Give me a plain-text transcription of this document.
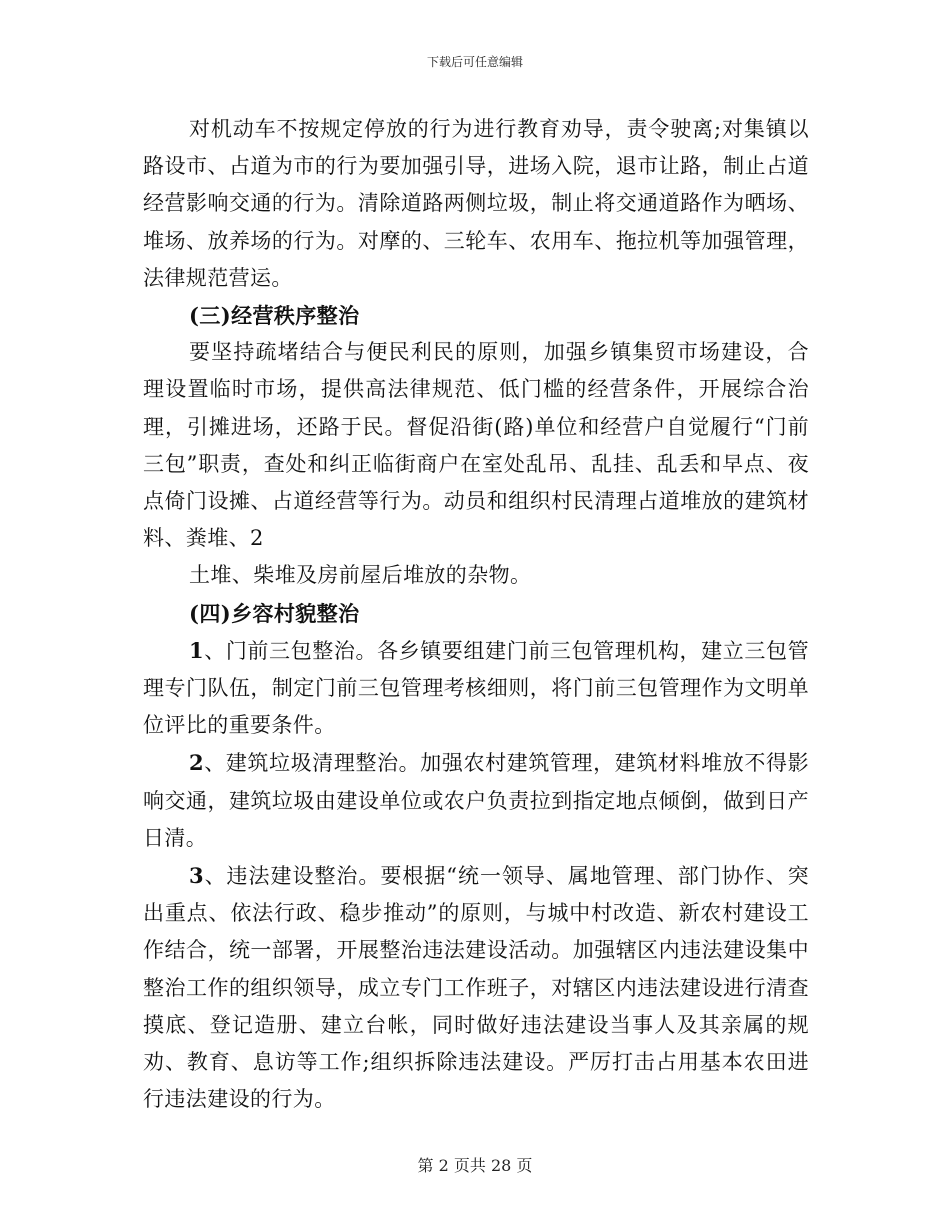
下载后可任意编辑

对机动车不按规定停放的行为进行教育劝导，责令驶离;对集镇以路设市、占道为市的行为要加强引导，进场入院，退市让路，制止占道经营影响交通的行为。清除道路两侧垃圾，制止将交通道路作为晒场、堆场、放养场的行为。对摩的、三轮车、农用车、拖拉机等加强管理，法律规范营运。

(三)经营秩序整治

要坚持疏堵结合与便民利民的原则，加强乡镇集贸市场建设，合理设置临时市场，提供高法律规范、低门槛的经营条件，开展综合治理，引摊进场，还路于民。督促沿街(路)单位和经营户自觉履行“门前三包”职责，查处和纠正临街商户在室处乱吊、乱挂、乱丢和早点、夜点倚门设摊、占道经营等行为。动员和组织村民清理占道堆放的建筑材料、粪堆、2

土堆、柴堆及房前屋后堆放的杂物。

(四)乡容村貌整治

1、门前三包整治。各乡镇要组建门前三包管理机构，建立三包管理专门队伍，制定门前三包管理考核细则，将门前三包管理作为文明单位评比的重要条件。

2、建筑垃圾清理整治。加强农村建筑管理，建筑材料堆放不得影响交通，建筑垃圾由建设单位或农户负责拉到指定地点倾倒，做到日产日清。

3、违法建设整治。要根据“统一领导、属地管理、部门协作、突出重点、依法行政、稳步推动”的原则，与城中村改造、新农村建设工作结合，统一部署，开展整治违法建设活动。加强辖区内违法建设集中整治工作的组织领导，成立专门工作班子，对辖区内违法建设进行清查摸底、登记造册、建立台帐，同时做好违法建设当事人及其亲属的规劝、教育、息访等工作;组织拆除违法建设。严厉打击占用基本农田进行违法建设的行为。

第 2 页共 28 页
